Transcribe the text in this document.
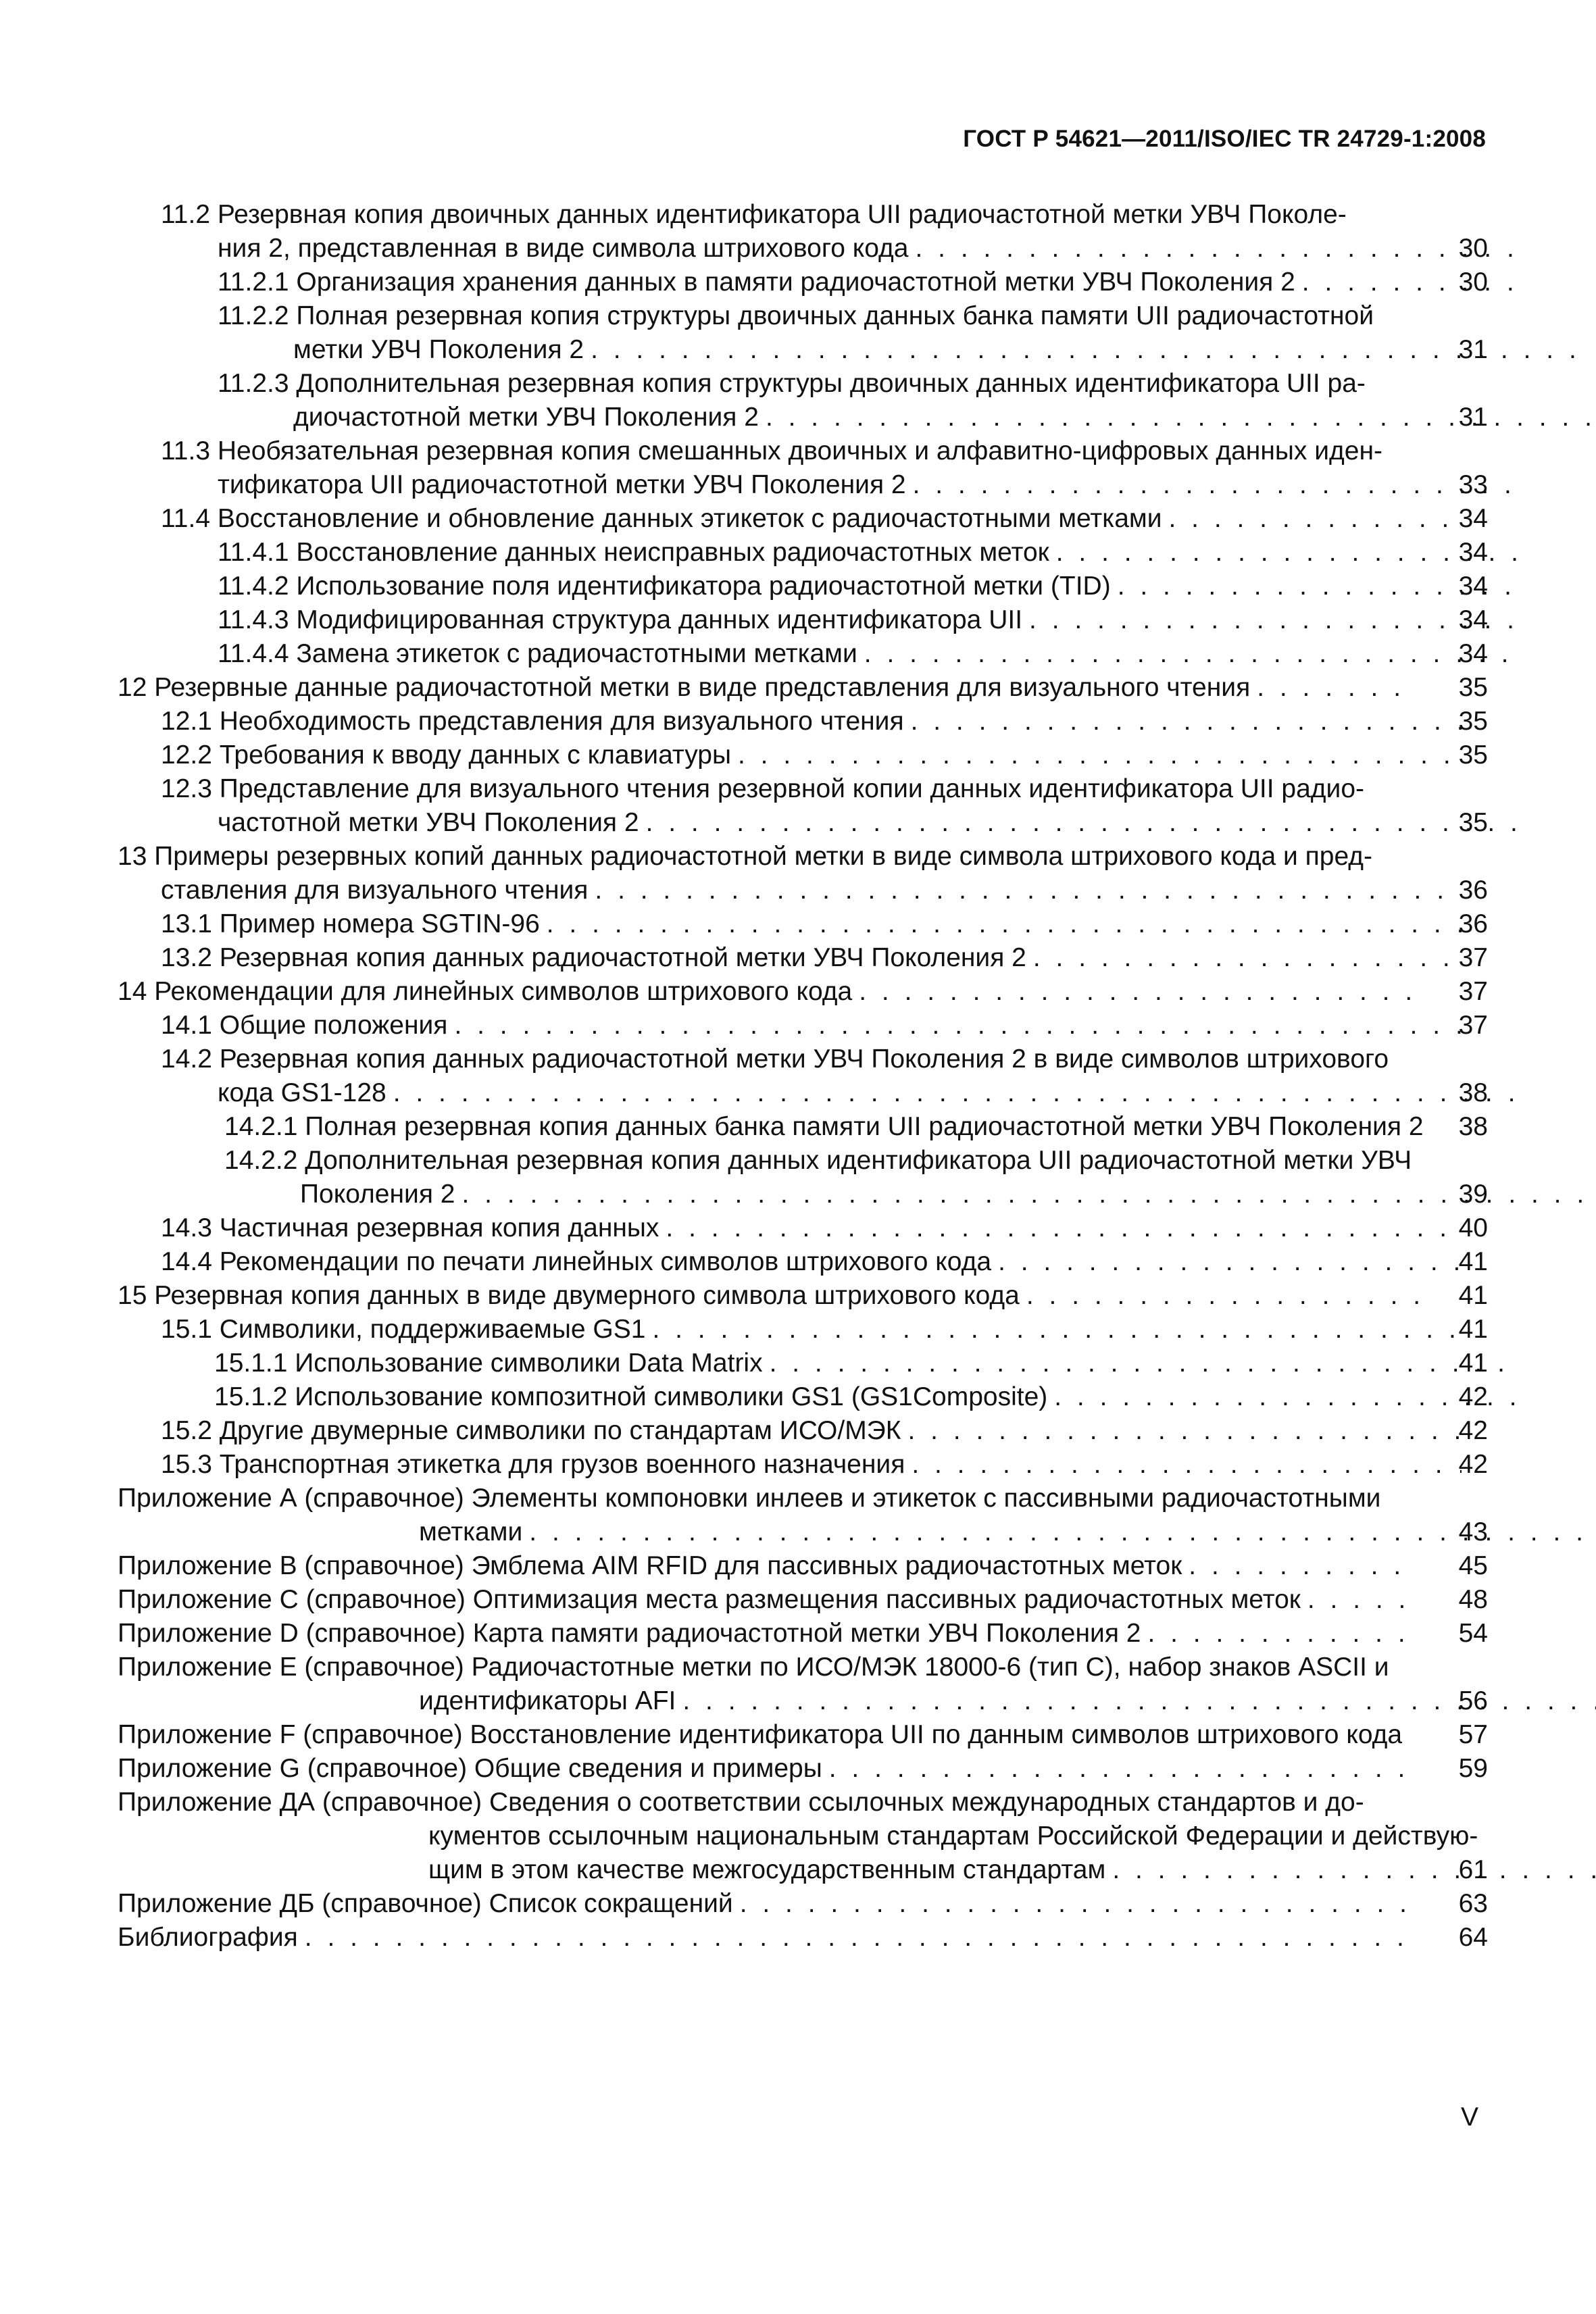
ГОСТ Р 54621—2011/ISO/IEC TR 24729-1:2008
11.2 Резервная копия двоичных данных идентификатора UII радиочастотной метки УВЧ Поколе-
ния 2, представленная в виде символа штрихового кода . . .	30
11.2.1 Организация хранения данных в памяти радиочастотной метки УВЧ Поколения 2 . . .	30
11.2.2 Полная резервная копия структуры двоичных данных банка памяти UII радиочастотной
метки УВЧ Поколения 2 . . .	31
11.2.3 Дополнительная резервная копия структуры двоичных данных идентификатора UII ра-
диочастотной метки УВЧ Поколения 2 . . .	31
11.3 Необязательная резервная копия смешанных двоичных и алфавитно-цифровых данных иден-
тификатора UII радиочастотной метки УВЧ Поколения 2 . . .	33
11.4 Восстановление и обновление данных этикеток с радиочастотными метками . . .	34
11.4.1 Восстановление данных неисправных радиочастотных меток . . .	34
11.4.2 Использование поля идентификатора радиочастотной метки (TID) . . .	34
11.4.3 Модифицированная структура данных идентификатора UII . . .	34
11.4.4 Замена этикеток с радиочастотными метками . . .	34
12 Резервные данные радиочастотной метки в виде представления для визуального чтения . . .	35
12.1 Необходимость представления для визуального чтения . . .	35
12.2 Требования к вводу данных с клавиатуры . . .	35
12.3 Представление для визуального чтения резервной копии данных идентификатора UII радио-
частотной метки УВЧ Поколения 2 . . .	35
13 Примеры резервных копий данных радиочастотной метки в виде символа штрихового кода и пред-
ставления для визуального чтения . . .	36
13.1 Пример номера SGTIN-96 . . .	36
13.2 Резервная копия данных радиочастотной метки УВЧ Поколения 2 . . .	37
14 Рекомендации для линейных символов штрихового кода . . .	37
14.1 Общие положения . . .	37
14.2 Резервная копия данных радиочастотной метки УВЧ Поколения 2 в виде символов штрихового
кода GS1-128 . . .	38
14.2.1 Полная резервная копия данных банка памяти UII радиочастотной метки УВЧ Поколения 2	38
14.2.2 Дополнительная резервная копия данных идентификатора UII радиочастотной метки УВЧ
Поколения 2 . . .	39
14.3 Частичная резервная копия данных . . .	40
14.4 Рекомендации по печати линейных символов штрихового кода . . .	41
15 Резервная копия данных в виде двумерного символа штрихового кода . . .	41
15.1 Символики, поддерживаемые GS1 . . .	41
15.1.1 Использование символики Data Matrix . . .	41
15.1.2 Использование композитной символики GS1 (GS1Composite) . . .	42
15.2 Другие двумерные символики по стандартам ИСО/МЭК . . .	42
15.3 Транспортная этикетка для грузов военного назначения . . .	42
Приложение А (справочное) Элементы компоновки инлеев и этикеток с пассивными радиочастотными
метками . . .	43
Приложение В (справочное) Эмблема AIM RFID для пассивных радиочастотных меток . . .	45
Приложение С (справочное) Оптимизация места размещения пассивных радиочастотных меток . . .	48
Приложение D (справочное) Карта памяти радиочастотной метки УВЧ Поколения 2 . . .	54
Приложение Е (справочное) Радиочастотные метки по ИСО/МЭК 18000-6 (тип С), набор знаков ASCII и
идентификаторы AFI . . .	56
Приложение F (справочное) Восстановление идентификатора UII по данным символов штрихового кода	57
Приложение G (справочное) Общие сведения и примеры . . .	59
Приложение ДА (справочное) Сведения о соответствии ссылочных международных стандартов и до-
кументов ссылочным национальным стандартам Российской Федерации и действую-
щим в этом качестве межгосударственным стандартам . . .	61
Приложение ДБ (справочное) Список сокращений . . .	63
Библиография . . .	64
V
